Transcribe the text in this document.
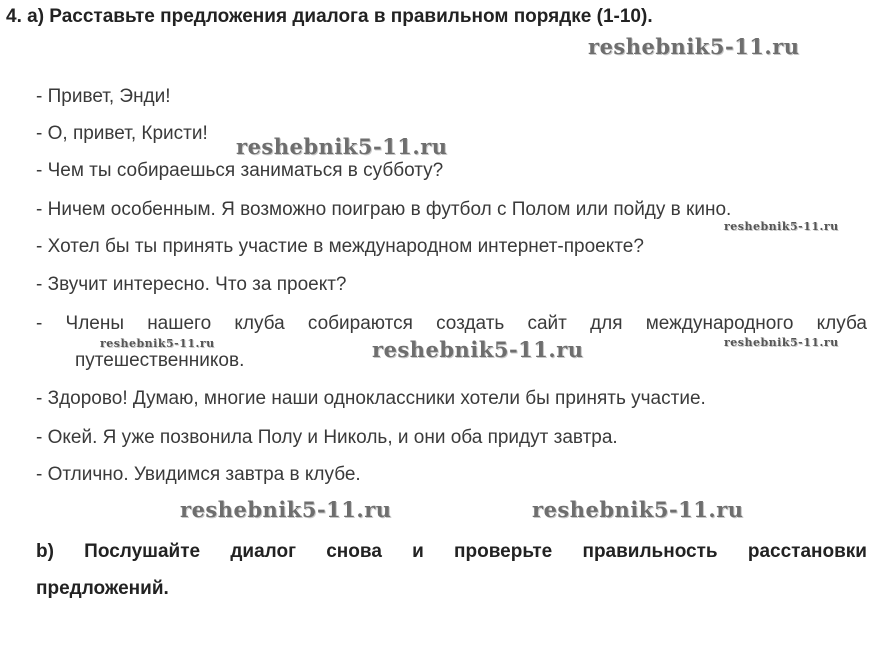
4. a) Расставьте предложения диалога в правильном порядке (1-10).
- Привет, Энди!
- О, привет, Кристи!
- Чем ты собираешься заниматься в субботу?
- Ничем особенным. Я возможно поиграю в футбол с Полом или пойду в кино.
- Хотел бы ты принять участие в международном интернет-проекте?
- Звучит интересно. Что за проект?
- Члены нашего клуба собираются создать сайт для международного клуба
путешественников.
- Здорово! Думаю, многие наши одноклассники хотели бы принять участие.
- Окей. Я уже позвонила Полу и Николь, и они оба придут завтра.
- Отлично. Увидимся завтра в клубе.
b) Послушайте диалог снова и проверьте правильность расстановки
предложений.
reshebnik5-11.ru
reshebnik5-11.ru
reshebnik5-11.ru
reshebnik5-11.ru	reshebnik5-11.ru	reshebnik5-11.ru
reshebnik5-11.ru	reshebnik5-11.ru
